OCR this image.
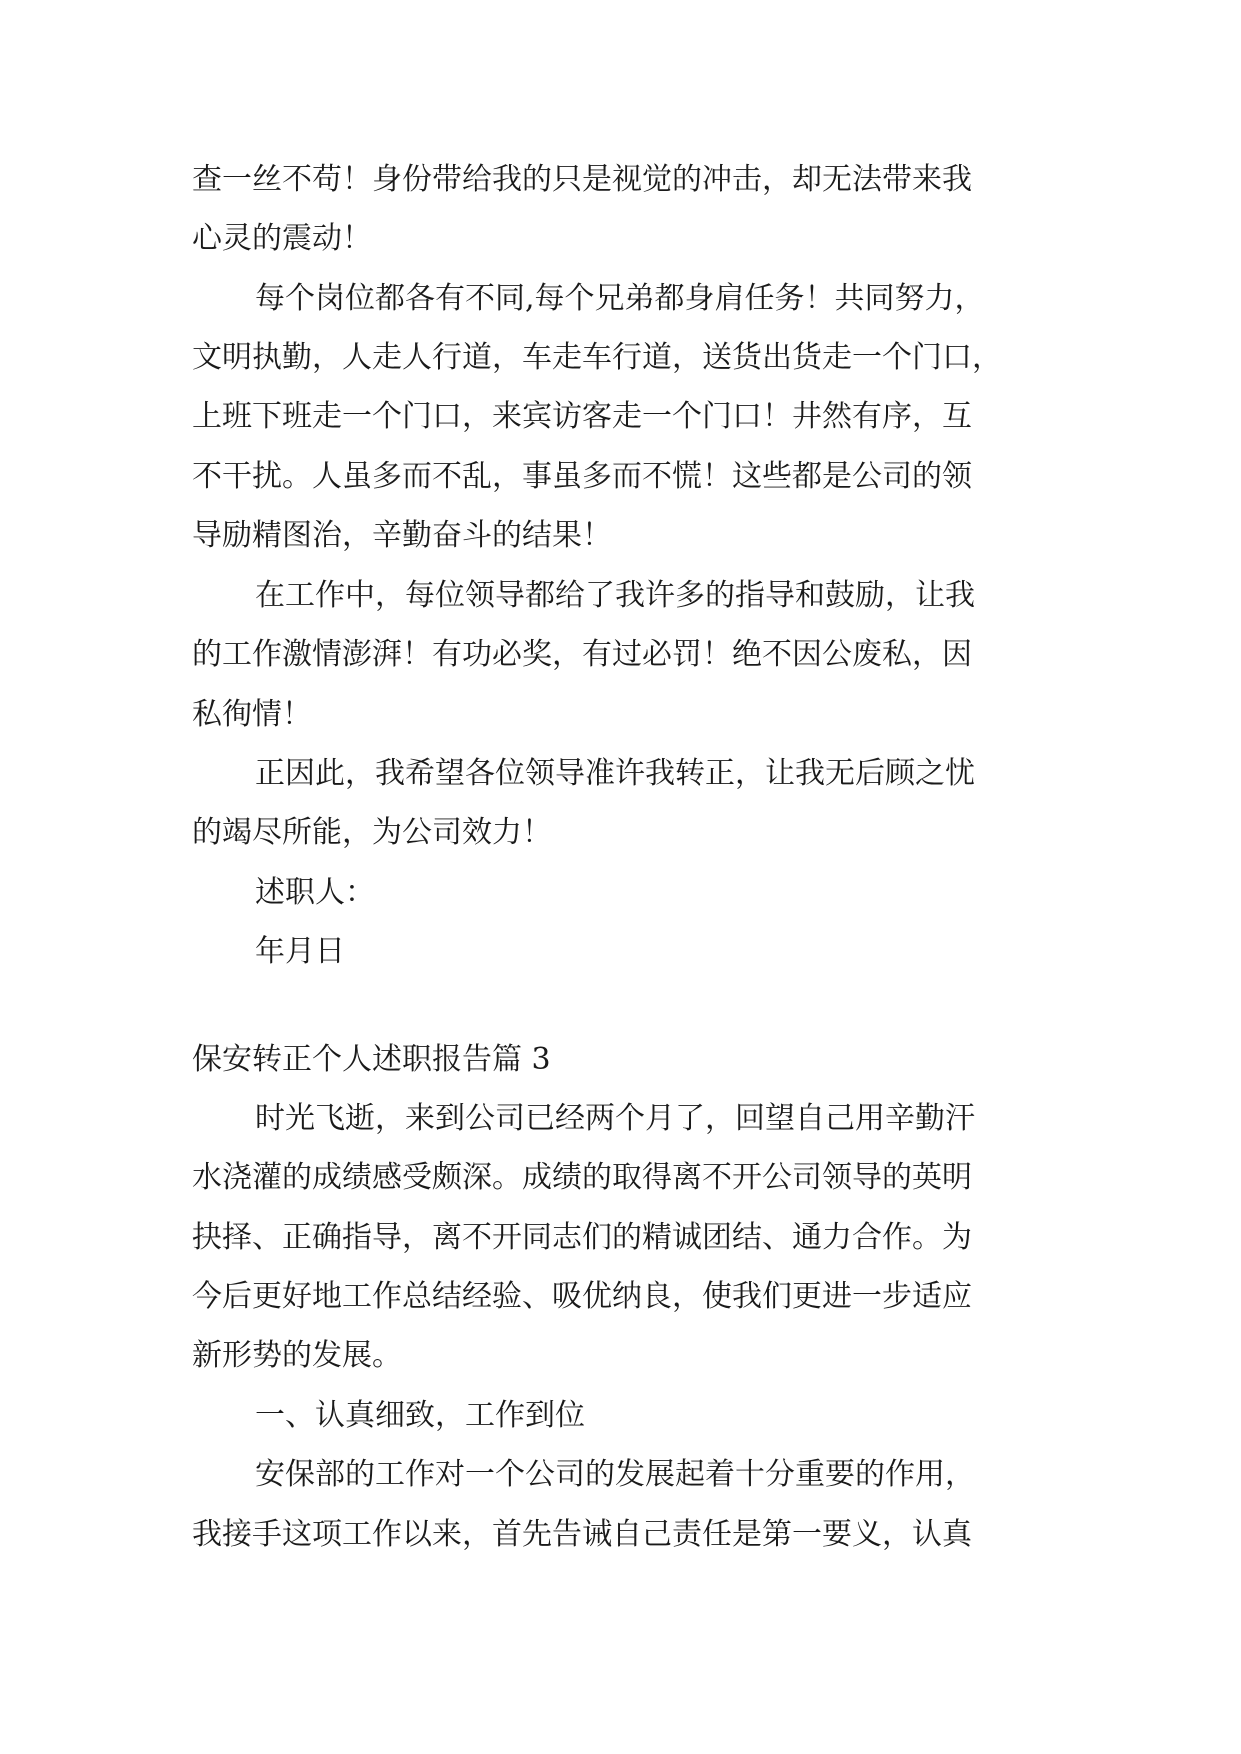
查一丝不苟！身份带给我的只是视觉的冲击，却无法带来我
心灵的震动！
每个岗位都各有不同,每个兄弟都身肩任务！共同努力，
文明执勤，人走人行道，车走车行道，送货出货走一个门口，
上班下班走一个门口，来宾访客走一个门口！井然有序，互
不干扰。人虽多而不乱，事虽多而不慌！这些都是公司的领
导励精图治，辛勤奋斗的结果！
在工作中，每位领导都给了我许多的指导和鼓励，让我
的工作激情澎湃！有功必奖，有过必罚！绝不因公废私，因
私徇情！
正因此，我希望各位领导准许我转正，让我无后顾之忧
的竭尽所能，为公司效力！
述职人：
年月日
保安转正个人述职报告篇 3
时光飞逝，来到公司已经两个月了，回望自己用辛勤汗
水浇灌的成绩感受颇深。成绩的取得离不开公司领导的英明
抉择、正确指导，离不开同志们的精诚团结、通力合作。为
今后更好地工作总结经验、吸优纳良，使我们更进一步适应
新形势的发展。
一、认真细致，工作到位
安保部的工作对一个公司的发展起着十分重要的作用，
我接手这项工作以来，首先告诫自己责任是第一要义，认真
